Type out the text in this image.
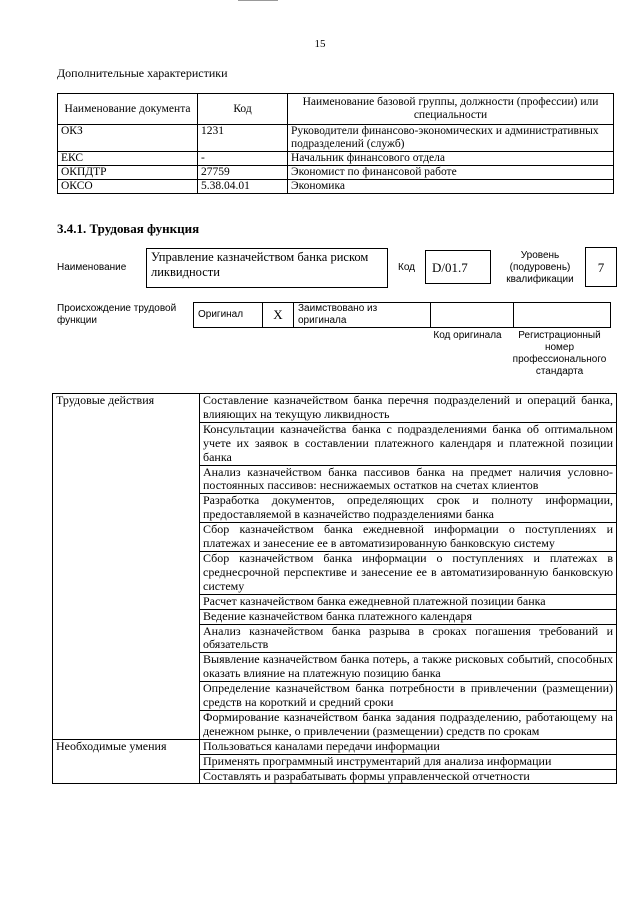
15
Дополнительные характеристики
Наименование документа	Код	Наименование базовой группы, должности (профессии) или специальности
ОКЗ	1231	Руководители финансово-экономических и административных подразделений (служб)
ЕКС	-	Начальник финансового отдела
ОКПДТР	27759	Экономист по финансовой работе
ОКСО	5.38.04.01	Экономика
3.4.1. Трудовая функция
Наименование
Управление казначейством банка риском ликвидности	Код	D/01.7
Уровень (подуровень) квалификации
7
Происхождение трудовой функции
Оригинал	X	Заимствовано из оригинала		
Код оригинала	Регистрационный номер профессионального стандарта
Трудовые действия	Составление казначейством банка перечня подразделений и операций банка, влияющих на текущую ликвидность
	Консультации казначейства банка с подразделениями банка об оптимальном учете их заявок в составлении платежного календаря и платежной позиции банка
	Анализ казначейством банка пассивов банка на предмет наличия условно-постоянных пассивов: неснижаемых остатков на счетах клиентов
	Разработка документов, определяющих срок и полноту информации, предоставляемой в казначейство подразделениями банка
	Сбор казначейством банка ежедневной информации о поступлениях и платежах и занесение ее в автоматизированную банковскую систему
	Сбор казначейством банка информации о поступлениях и платежах в среднесрочной перспективе и занесение ее в автоматизированную банковскую систему
	Расчет казначейством банка ежедневной платежной позиции банка
	Ведение казначейством банка платежного календаря
	Анализ казначейством банка разрыва в сроках погашения требований и обязательств
	Выявление казначейством банка потерь, а также рисковых событий, способных оказать влияние на платежную позицию банка
	Определение казначейством банка потребности в привлечении (размещении) средств на короткий и средний сроки
	Формирование казначейством банка задания подразделению, работающему на денежном рынке, о привлечении (размещении) средств по срокам
Необходимые умения	Пользоваться каналами передачи информации
	Применять программный инструментарий для анализа информации
	Составлять и разрабатывать формы управленческой отчетности
